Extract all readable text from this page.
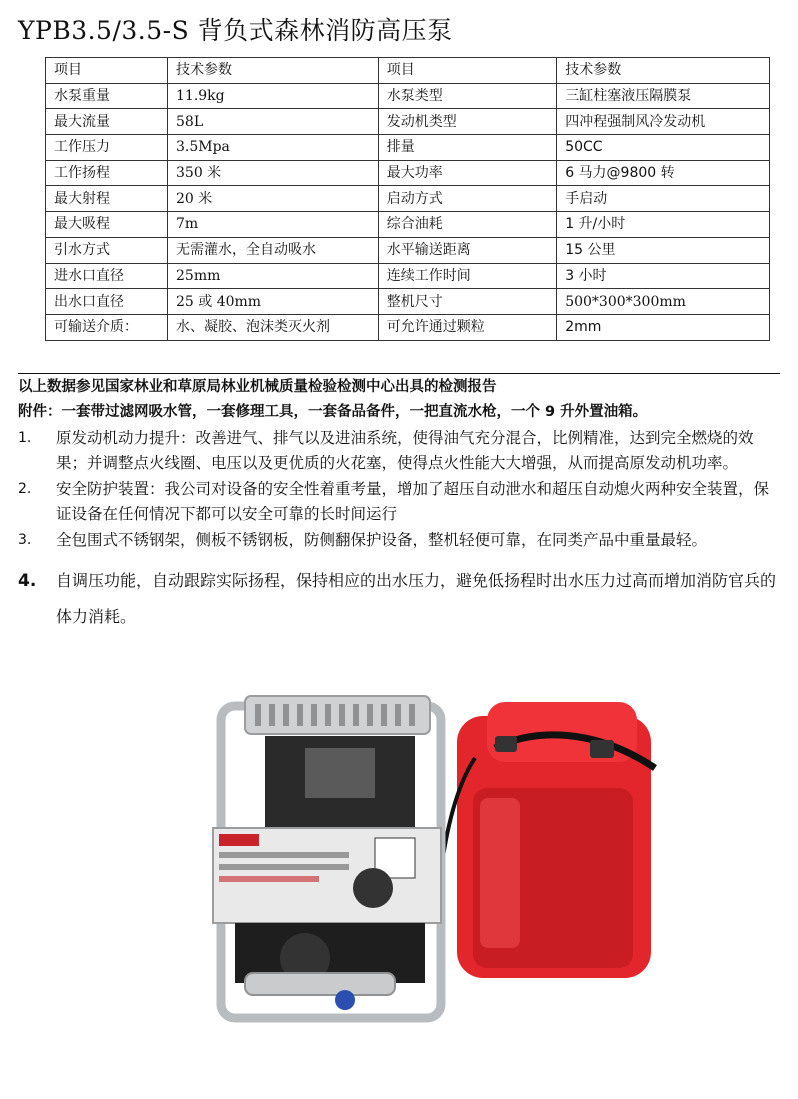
YPB3.5/3.5-S 背负式森林消防高压泵
项目	技术参数	项目	技术参数
水泵重量	11.9kg	水泵类型	三缸柱塞液压隔膜泵
最大流量	58L	发动机类型	四冲程强制风冷发动机
工作压力	3.5Mpa	排量	50CC
工作扬程	350 米	最大功率	6 马力@9800 转
最大射程	20 米	启动方式	手启动
最大吸程	7m	综合油耗	1 升/小时
引水方式	无需灌水，全自动吸水	水平输送距离	15 公里
进水口直径	25mm	连续工作时间	3 小时
出水口直径	25 或 40mm	整机尺寸	500*300*300mm
可输送介质：	水、凝胶、泡沫类灭火剂	可允许通过颗粒	2mm
以上数据参见国家林业和草原局林业机械质量检验检测中心出具的检测报告
附件：一套带过滤网吸水管，一套修理工具，一套备品备件，一把直流水枪，一个 9 升外置油箱。
1. 原发动机动力提升：改善进气、排气以及进油系统，使得油气充分混合，比例精准，达到完全燃烧的效果；并调整点火线圈、电压以及更优质的火花塞，使得点火性能大大增强，从而提高原发动机功率。
2. 安全防护装置：我公司对设备的安全性着重考量，增加了超压自动泄水和超压自动熄火两种安全装置，保证设备在任何情况下都可以安全可靠的长时间运行
3. 全包围式不锈钢架，侧板不锈钢板，防侧翻保护设备，整机轻便可靠，在同类产品中重量最轻。
4. 自调压功能，自动跟踪实际扬程，保持相应的出水压力，避免低扬程时出水压力过高而增加消防官兵的体力消耗。
